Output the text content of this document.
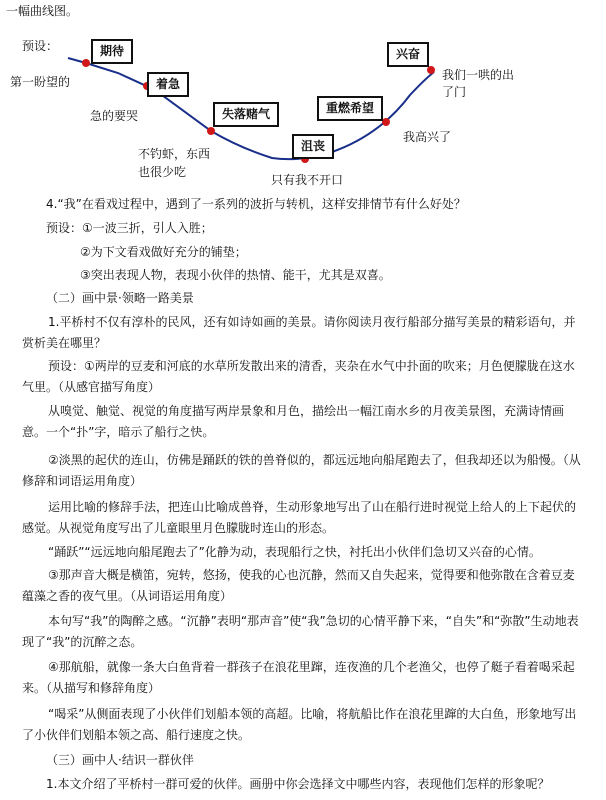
一幅曲线图。
预设：	期待
着急
失落赌气
沮丧
重燃希望
兴奋
第一盼望的
急的要哭
不钓虾，东西
也很少吃
只有我不开口
我高兴了
我们一哄的出
了门
4.“我”在看戏过程中，遇到了一系列的波折与转机，这样安排情节有什么好处？
预设：①一波三折，引人入胜；
②为下文看戏做好充分的铺垫；
③突出表现人物，表现小伙伴的热情、能干，尤其是双喜。
（二）画中景·领略一路美景
1.平桥村不仅有淳朴的民风，还有如诗如画的美景。请你阅读月夜行船部分描写美景的精彩语句，并赏析美在哪里？
预设：①两岸的豆麦和河底的水草所发散出来的清香，夹杂在水气中扑面的吹来；月色便朦胧在这水气里。（从感官描写角度）
从嗅觉、触觉、视觉的角度描写两岸景象和月色，描绘出一幅江南水乡的月夜美景图，充满诗情画意。一个“扑”字，暗示了船行之快。
②淡黑的起伏的连山，仿佛是踊跃的铁的兽脊似的，都远远地向船尾跑去了，但我却还以为船慢。（从修辞和词语运用角度）
运用比喻的修辞手法，把连山比喻成兽脊，生动形象地写出了山在船行进时视觉上给人的上下起伏的感觉。从视觉角度写出了儿童眼里月色朦胧时连山的形态。
“踊跃”“远远地向船尾跑去了”化静为动，表现船行之快，衬托出小伙伴们急切又兴奋的心情。
③那声音大概是横笛，宛转，悠扬，使我的心也沉静，然而又自失起来，觉得要和他弥散在含着豆麦蕴藻之香的夜气里。（从词语运用角度）
本句写“我”的陶醉之感。“沉静”表明“那声音”使“我”急切的心情平静下来，“自失”和“弥散”生动地表现了“我”的沉醉之态。
④那航船，就像一条大白鱼背着一群孩子在浪花里蹿，连夜渔的几个老渔父，也停了艇子看着喝采起来。（从描写和修辞角度）
“喝采”从侧面表现了小伙伴们划船本领的高超。比喻，将航船比作在浪花里蹿的大白鱼，形象地写出了小伙伴们划船本领之高、船行速度之快。
（三）画中人·结识一群伙伴
1.本文介绍了平桥村一群可爱的伙伴。画册中你会选择文中哪些内容，表现他们怎样的形象呢？
